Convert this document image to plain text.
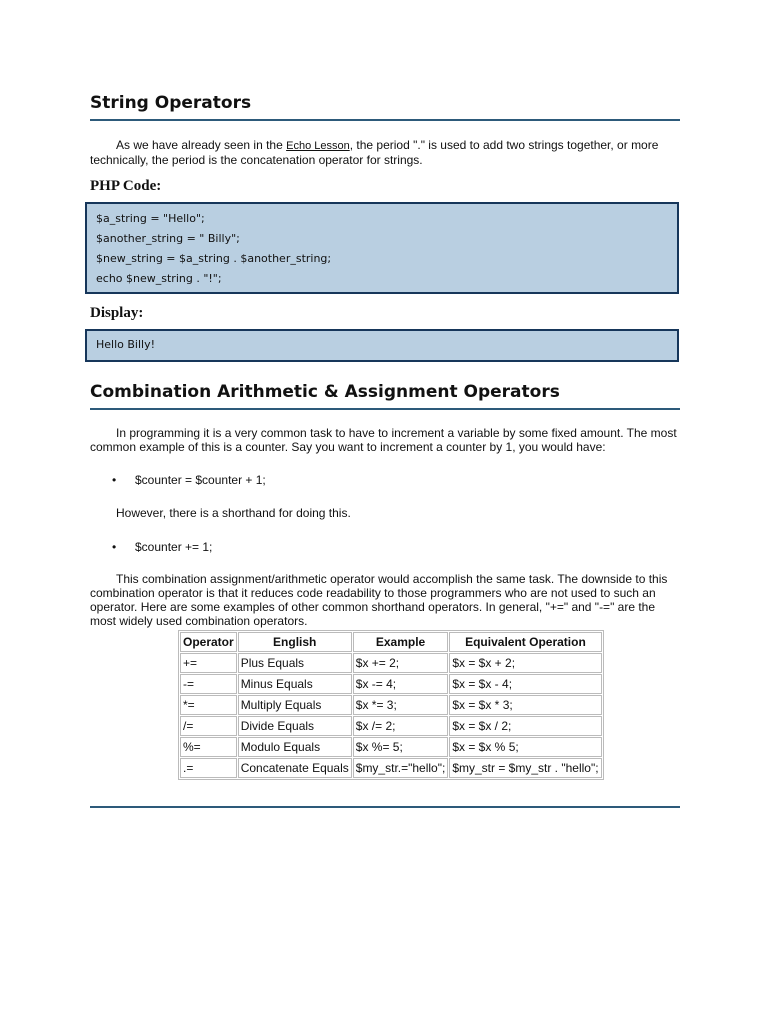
String Operators
As we have already seen in the Echo Lesson, the period "." is used to add two strings together, or more technically, the period is the concatenation operator for strings.
PHP Code:
$a_string = "Hello";
$another_string = " Billy";
$new_string = $a_string . $another_string;
echo $new_string . "!";
Display:
Hello Billy!
Combination Arithmetic & Assignment Operators
In programming it is a very common task to have to increment a variable by some fixed amount. The most common example of this is a counter. Say you want to increment a counter by 1, you would have:
• $counter = $counter + 1;
However, there is a shorthand for doing this.
• $counter += 1;
This combination assignment/arithmetic operator would accomplish the same task. The downside to this combination operator is that it reduces code readability to those programmers who are not used to such an operator. Here are some examples of other common shorthand operators. In general, "+=" and "-=" are the most widely used combination operators.
Operator	English	Example	Equivalent Operation
+=	Plus Equals	$x += 2;	$x = $x + 2;
-=	Minus Equals	$x -= 4;	$x = $x - 4;
*=	Multiply Equals	$x *= 3;	$x = $x * 3;
/=	Divide Equals	$x /= 2;	$x = $x / 2;
%=	Modulo Equals	$x %= 5;	$x = $x % 5;
.=	Concatenate Equals	$my_str.="hello";	$my_str = $my_str . "hello";
